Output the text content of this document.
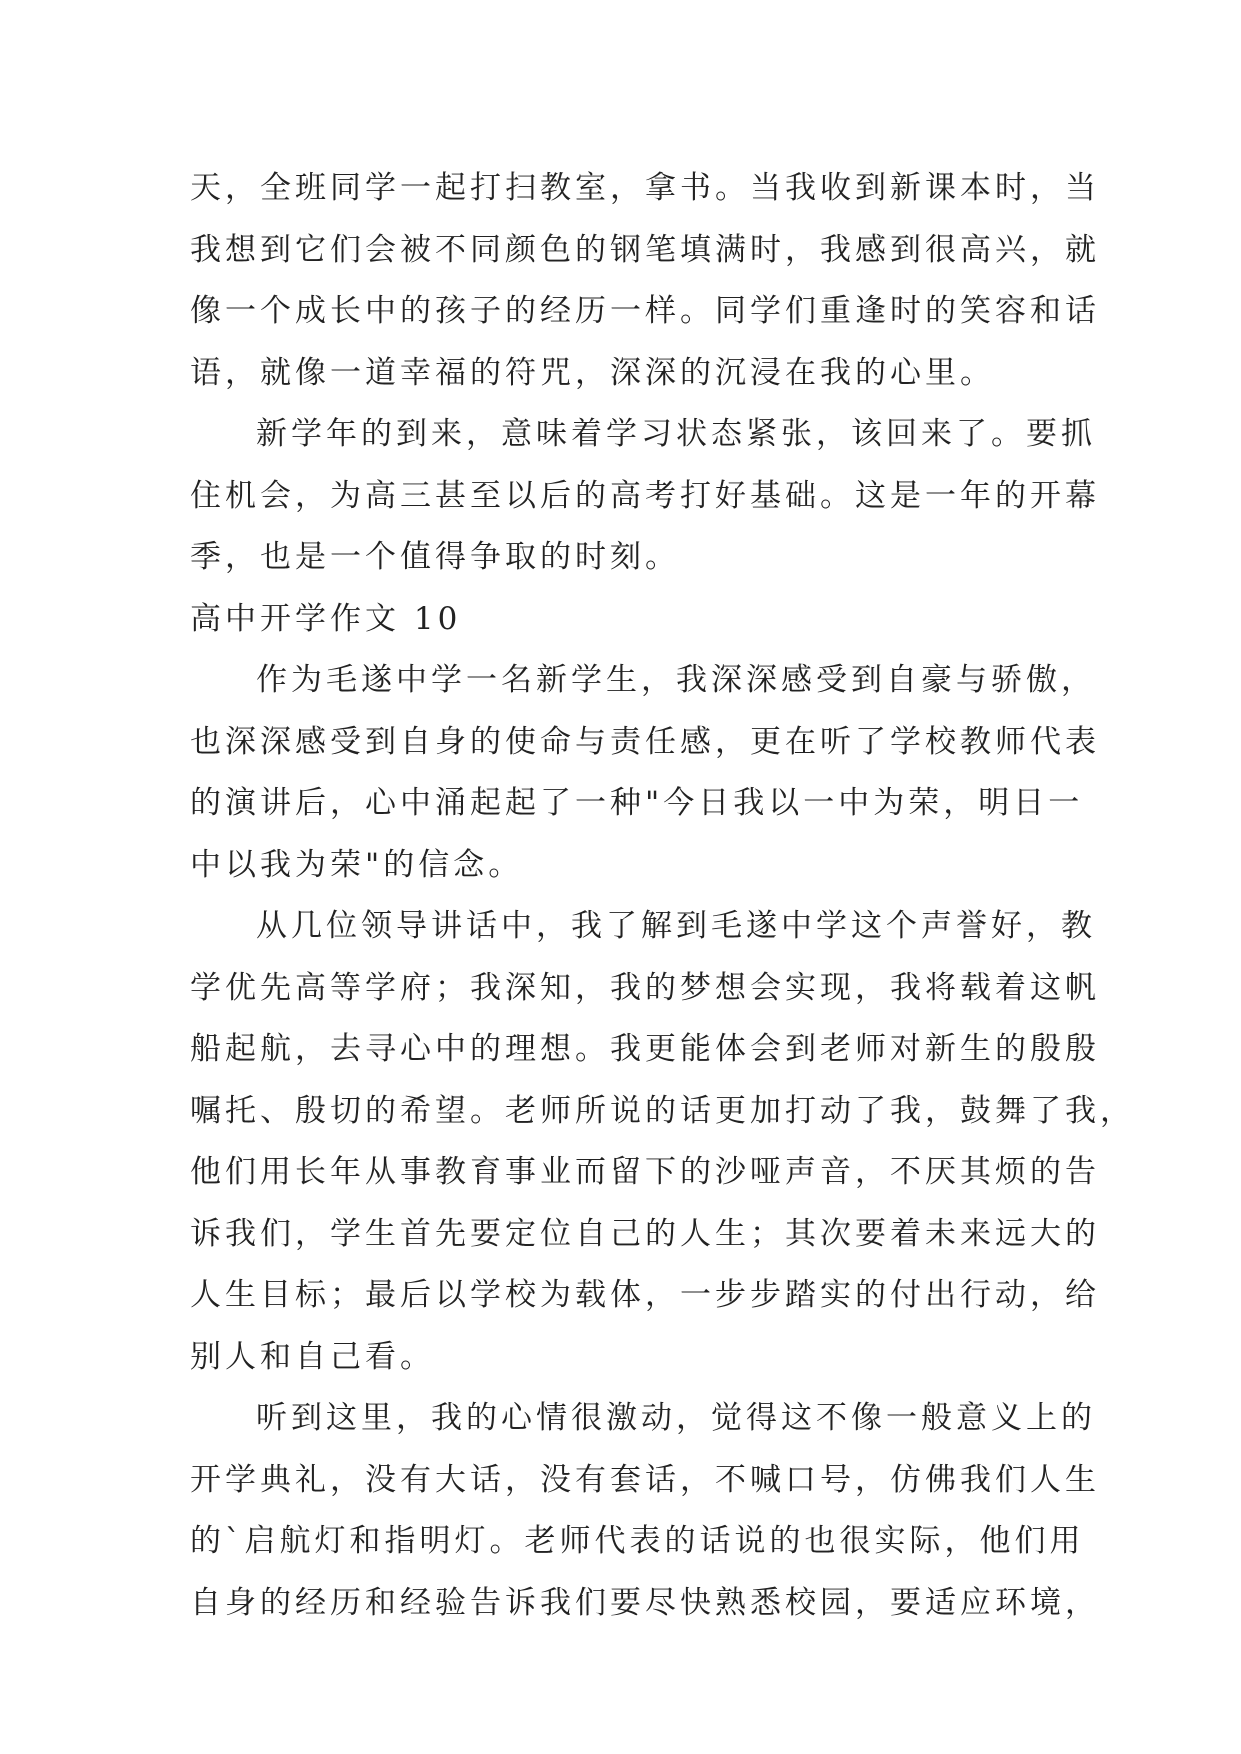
天，全班同学一起打扫教室，拿书。当我收到新课本时，当
我想到它们会被不同颜色的钢笔填满时，我感到很高兴，就
像一个成长中的孩子的经历一样。同学们重逢时的笑容和话
语，就像一道幸福的符咒，深深的沉浸在我的心里。
新学年的到来，意味着学习状态紧张，该回来了。要抓
住机会，为高三甚至以后的高考打好基础。这是一年的开幕
季，也是一个值得争取的时刻。
高中开学作文 10
作为毛遂中学一名新学生，我深深感受到自豪与骄傲，
也深深感受到自身的使命与责任感，更在听了学校教师代表
的演讲后，心中涌起起了一种"今日我以一中为荣，明日一
中以我为荣"的信念。
从几位领导讲话中，我了解到毛遂中学这个声誉好，教
学优先高等学府；我深知，我的梦想会实现，我将载着这帆
船起航，去寻心中的理想。我更能体会到老师对新生的殷殷
嘱托、殷切的希望。老师所说的话更加打动了我，鼓舞了我，
他们用长年从事教育事业而留下的沙哑声音，不厌其烦的告
诉我们，学生首先要定位自己的人生；其次要着未来远大的
人生目标；最后以学校为载体，一步步踏实的付出行动，给
别人和自己看。
听到这里，我的心情很激动，觉得这不像一般意义上的
开学典礼，没有大话，没有套话，不喊口号，仿佛我们人生
的`启航灯和指明灯。老师代表的话说的也很实际，他们用
自身的经历和经验告诉我们要尽快熟悉校园，要适应环境，
